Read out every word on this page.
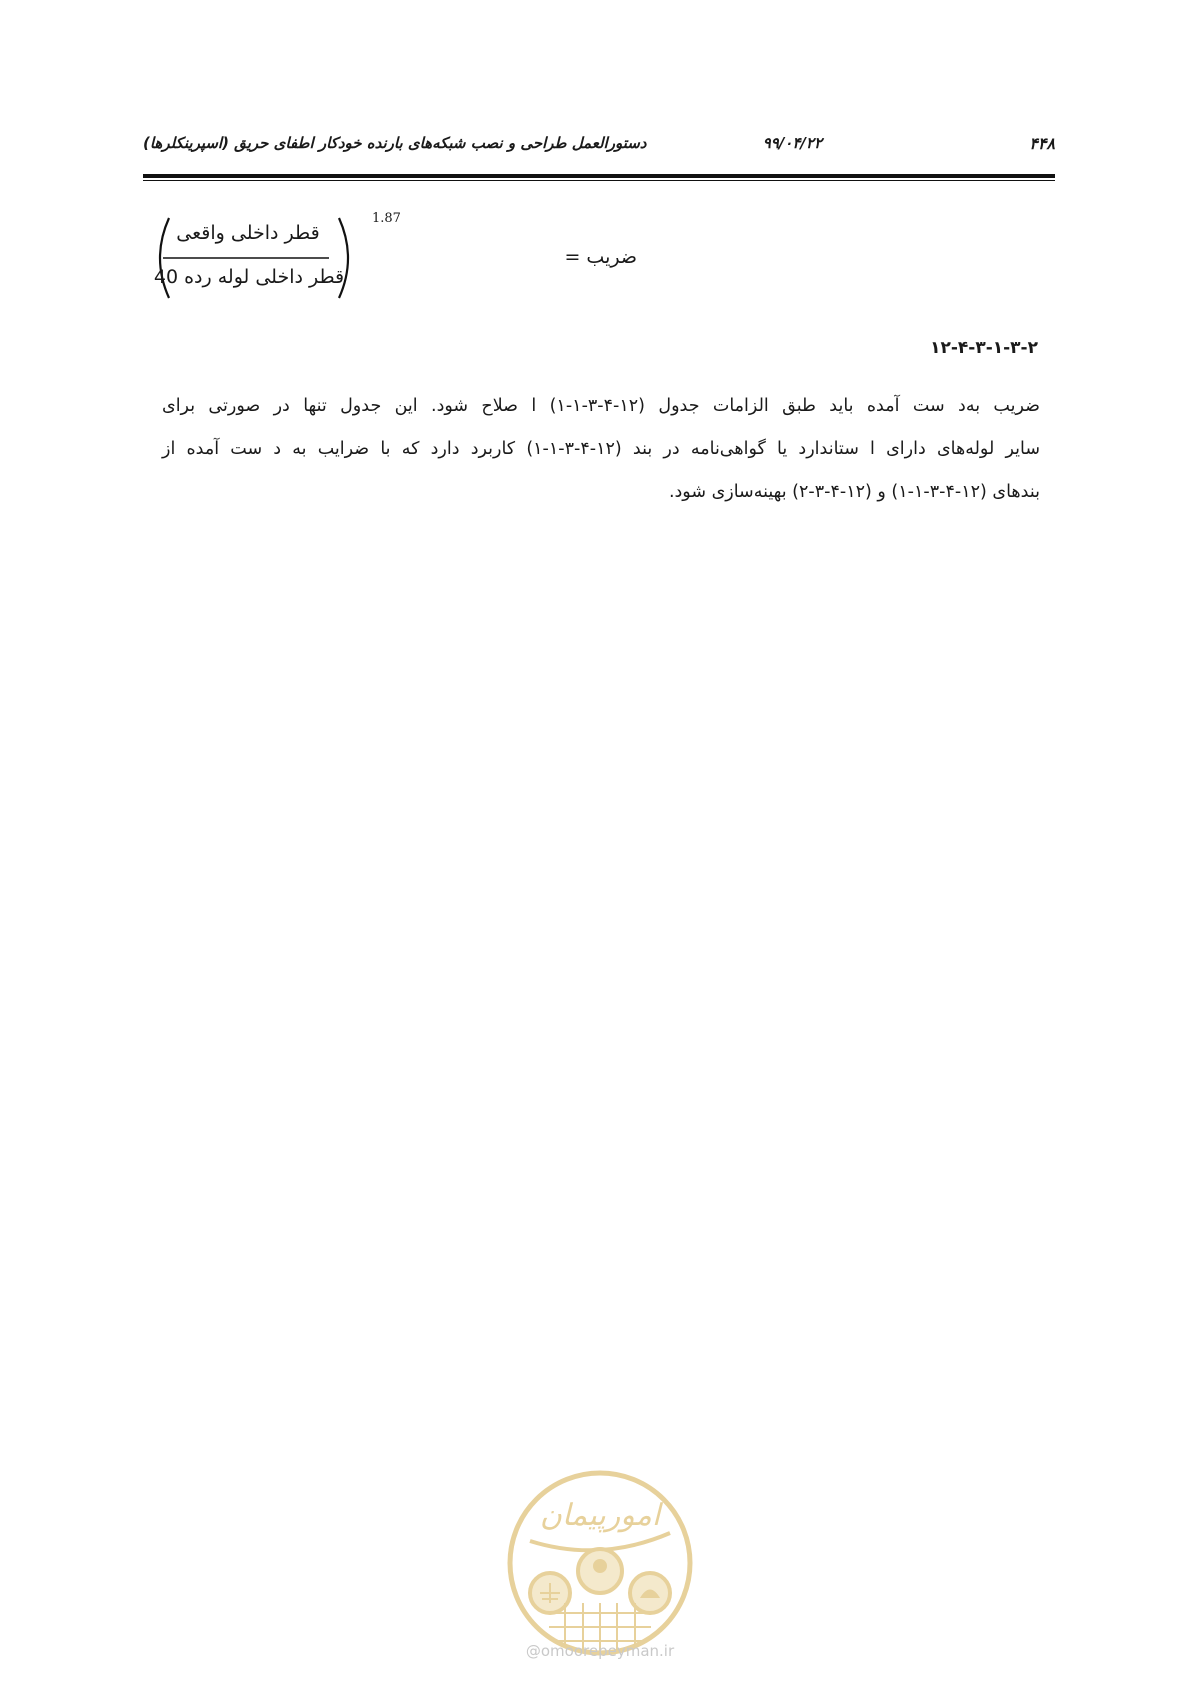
۴۴۸
۹۹/۰۴/۲۲
دستورالعمل طراحی و نصب شبکه‌های بارنده خودکار اطفای حریق (اسپرینکلرها)
قطر داخلی واقعی
قطر داخلی لوله رده 40
1.87
ضریب =
۱۲-۴-۳-۱-۳-۲
ضریب به‌د ست آمده باید طبق الزامات جدول (۱۲-۴-۳-۱-۱) ا صلاح شود. این جدول تنها در صورتی برای
سایر لوله‌های دارای ا ستاندارد یا گواهی‌نامه در بند (۱۲-۴-۳-۱-۱) کاربرد دارد که با ضرایب به د ست آمده از
بندهای (۱۲-۴-۳-۱-۱) و (۱۲-۴-۳-۲) بهینه‌سازی شود.
امورپیمان
@omoorepeyman.ir
